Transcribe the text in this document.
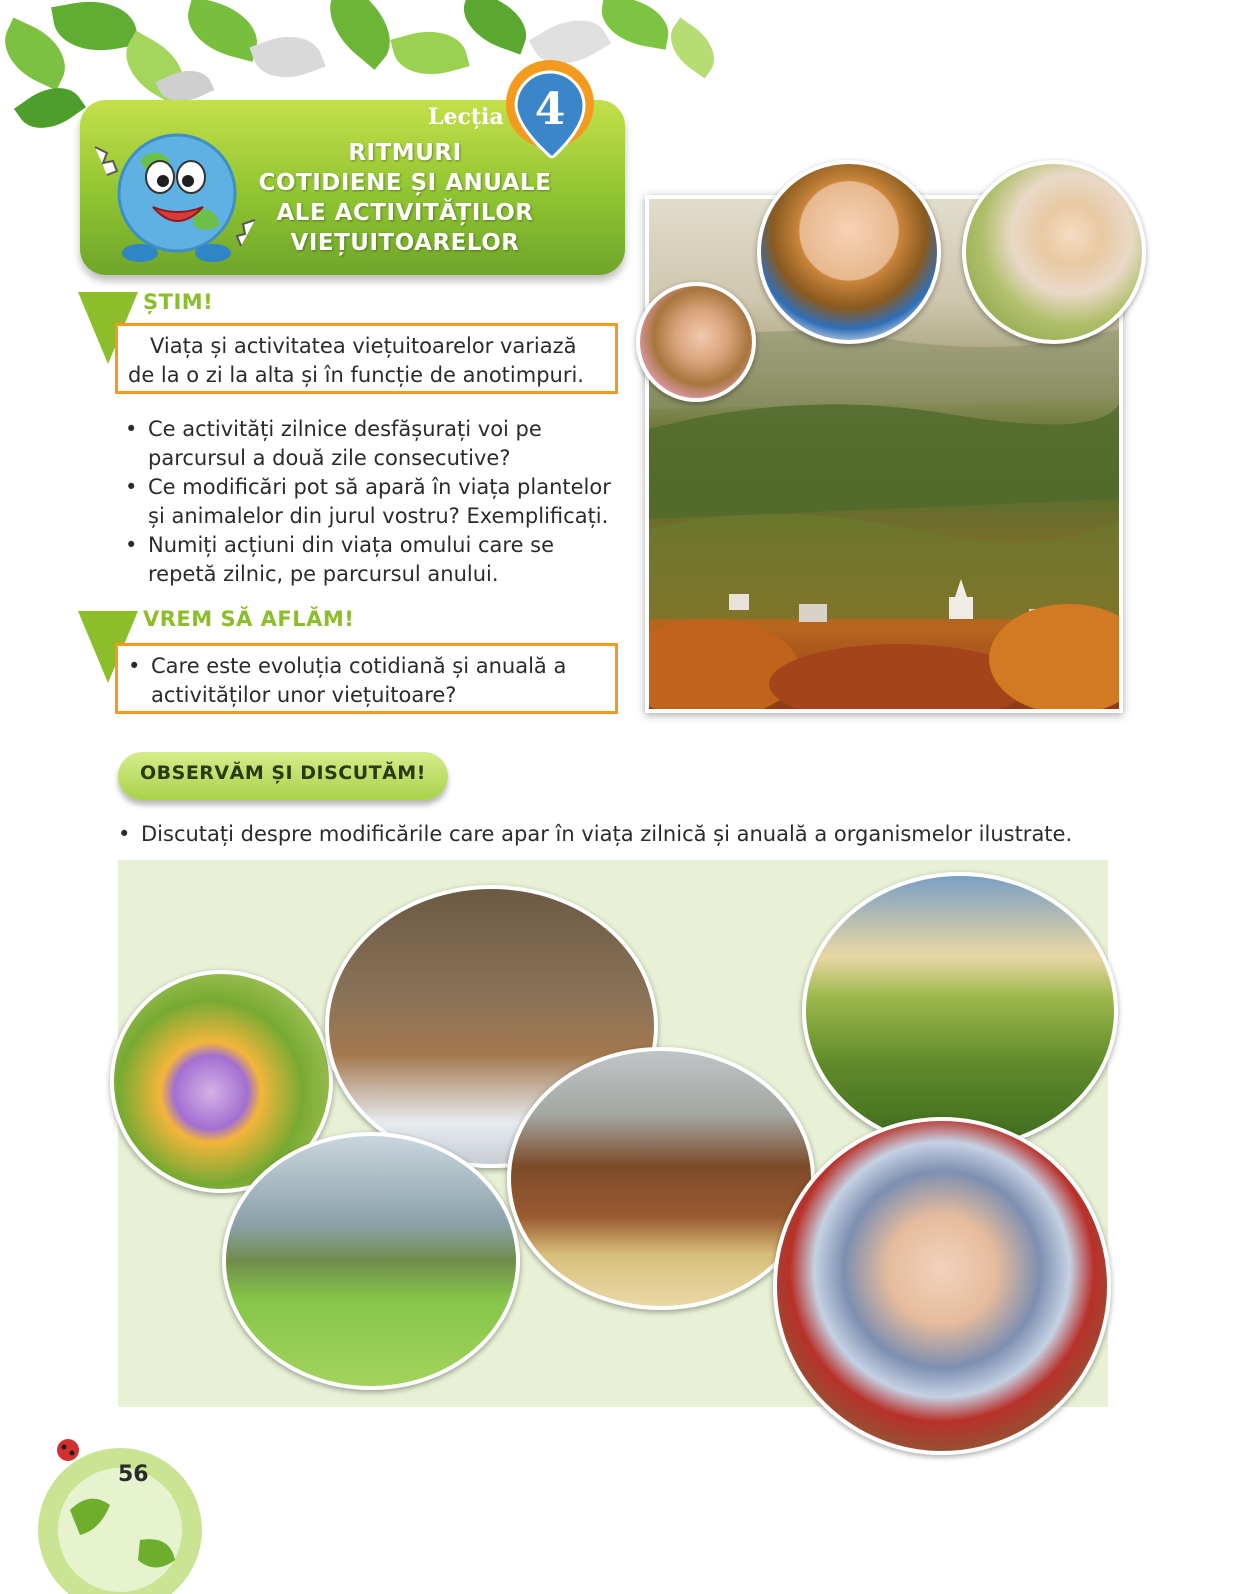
Lecția 4
RITMURI
COTIDIENE ȘI ANUALE
ALE ACTIVITĂȚILOR
VIEȚUITOARELOR
ȘTIM!
Viața și activitatea viețuitoarelor variază de la o zi la alta și în funcție de anotimpuri.
• Ce activități zilnice desfășurați voi pe parcursul a două zile consecutive?
• Ce modificări pot să apară în viața plantelor și animalelor din jurul vostru? Exemplificați.
• Numiți acțiuni din viața omului care se repetă zilnic, pe parcursul anului.
VREM SĂ AFLĂM!
• Care este evoluția cotidiană și anuală a activităților unor viețuitoare?
OBSERVĂM ȘI DISCUTĂM!
• Discutați despre modificările care apar în viața zilnică și anuală a organismelor ilustrate.
56
